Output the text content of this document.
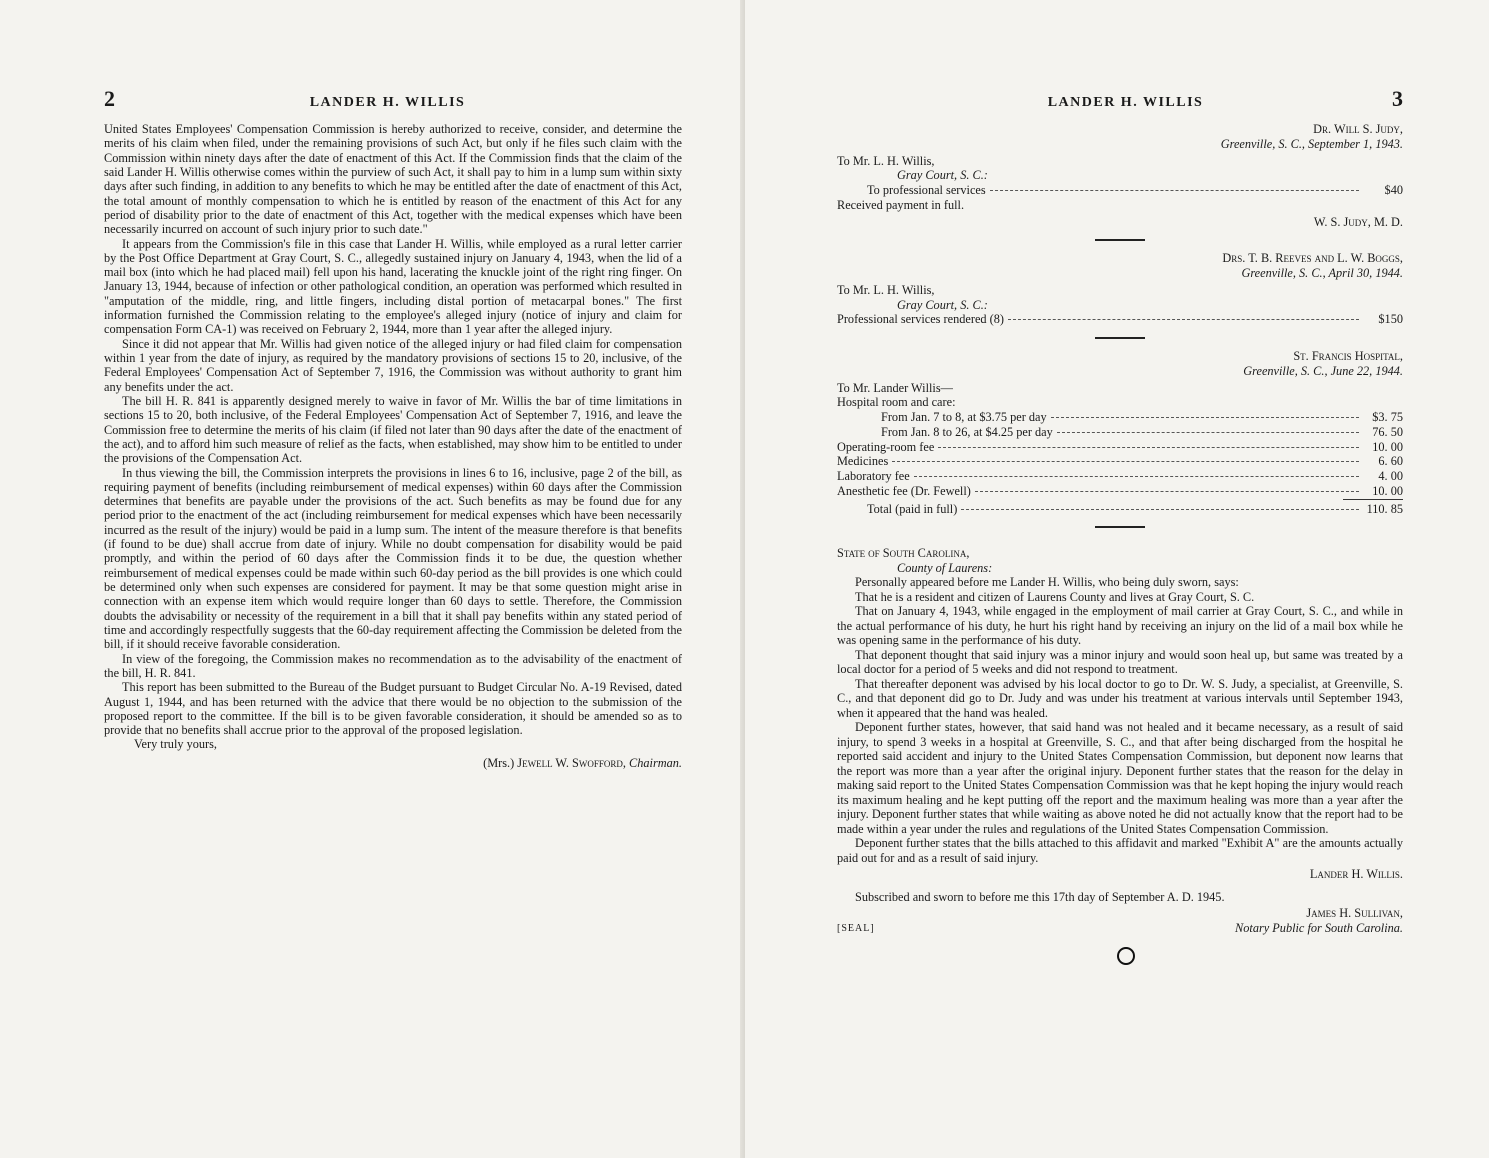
2	LANDER H. WILLIS

United States Employees' Compensation Commission is hereby authorized to receive, consider, and determine the merits of his claim when filed, under the remaining provisions of such Act, but only if he files such claim with the Commission within ninety days after the date of enactment of this Act. If the Commission finds that the claim of the said Lander H. Willis otherwise comes within the purview of such Act, it shall pay to him in a lump sum within sixty days after such finding, in addition to any benefits to which he may be entitled after the date of enactment of this Act, the total amount of monthly compensation to which he is entitled by reason of the enactment of this Act for any period of disability prior to the date of enactment of this Act, together with the medical expenses which have been necessarily incurred on account of such injury prior to such date."

It appears from the Commission's file in this case that Lander H. Willis, while employed as a rural letter carrier by the Post Office Department at Gray Court, S. C., allegedly sustained injury on January 4, 1943, when the lid of a mail box (into which he had placed mail) fell upon his hand, lacerating the knuckle joint of the right ring finger. On January 13, 1944, because of infection or other pathological condition, an operation was performed which resulted in "amputation of the middle, ring, and little fingers, including distal portion of metacarpal bones." The first information furnished the Commission relating to the employee's alleged injury (notice of injury and claim for compensation Form CA-1) was received on February 2, 1944, more than 1 year after the alleged injury.

Since it did not appear that Mr. Willis had given notice of the alleged injury or had filed claim for compensation within 1 year from the date of injury, as required by the mandatory provisions of sections 15 to 20, inclusive, of the Federal Employees' Compensation Act of September 7, 1916, the Commission was without authority to grant him any benefits under the act.

The bill H. R. 841 is apparently designed merely to waive in favor of Mr. Willis the bar of time limitations in sections 15 to 20, both inclusive, of the Federal Employees' Compensation Act of September 7, 1916, and leave the Commission free to determine the merits of his claim (if filed not later than 90 days after the date of the enactment of the act), and to afford him such measure of relief as the facts, when established, may show him to be entitled to under the provisions of the Compensation Act.

In thus viewing the bill, the Commission interprets the provisions in lines 6 to 16, inclusive, page 2 of the bill, as requiring payment of benefits (including reimbursement of medical expenses) within 60 days after the Commission determines that benefits are payable under the provisions of the act. Such benefits as may be found due for any period prior to the enactment of the act (including reimbursement for medical expenses which have been necessarily incurred as the result of the injury) would be paid in a lump sum. The intent of the measure therefore is that benefits (if found to be due) shall accrue from date of injury. While no doubt compensation for disability would be paid promptly, and within the period of 60 days after the Commission finds it to be due, the question whether reimbursement of medical expenses could be made within such 60-day period as the bill provides is one which could be determined only when such expenses are considered for payment. It may be that some question might arise in connection with an expense item which would require longer than 60 days to settle. Therefore, the Commission doubts the advisability or necessity of the requirement in a bill that it shall pay benefits within any stated period of time and accordingly respectfully suggests that the 60-day requirement affecting the Commission be deleted from the bill, if it should receive favorable consideration.

In view of the foregoing, the Commission makes no recommendation as to the advisability of the enactment of the bill, H. R. 841.

This report has been submitted to the Bureau of the Budget pursuant to Budget Circular No. A-19 Revised, dated August 1, 1944, and has been returned with the advice that there would be no objection to the submission of the proposed report to the committee. If the bill is to be given favorable consideration, it should be amended so as to provide that no benefits shall accrue prior to the approval of the proposed legislation.

Very truly yours,
(Mrs.) Jewell W. Swofford, Chairman.
LANDER H. WILLIS	3
Dr. Will S. Judy,
Greenville, S. C., September 1, 1943.
To Mr. L. H. Willis,
Gray Court, S. C.:
To professional services	$40
Received payment in full.
W. S. Judy, M. D.
Drs. T. B. Reeves and L. W. Boggs,
Greenville, S. C., April 30, 1944.
To Mr. L. H. Willis,
Gray Court, S. C.:
Professional services rendered (8)	$150
St. Francis Hospital,
Greenville, S. C., June 22, 1944.
To Mr. Lander Willis—
Hospital room and care:
From Jan. 7 to 8, at $3.75 per day	$3. 75
From Jan. 8 to 26, at $4.25 per day	76. 50
Operating-room fee	10. 00
Medicines	6. 60
Laboratory fee	4. 00
Anesthetic fee (Dr. Fewell)	10. 00
Total (paid in full)	110. 85
State of South Carolina,
County of Laurens:

Personally appeared before me Lander H. Willis, who being duly sworn, says:

That he is a resident and citizen of Laurens County and lives at Gray Court, S. C.

That on January 4, 1943, while engaged in the employment of mail carrier at Gray Court, S. C., and while in the actual performance of his duty, he hurt his right hand by receiving an injury on the lid of a mail box while he was opening same in the performance of his duty.

That deponent thought that said injury was a minor injury and would soon heal up, but same was treated by a local doctor for a period of 5 weeks and did not respond to treatment.

That thereafter deponent was advised by his local doctor to go to Dr. W. S. Judy, a specialist, at Greenville, S. C., and that deponent did go to Dr. Judy and was under his treatment at various intervals until September 1943, when it appeared that the hand was healed.

Deponent further states, however, that said hand was not healed and it became necessary, as a result of said injury, to spend 3 weeks in a hospital at Greenville, S. C., and that after being discharged from the hospital he reported said accident and injury to the United States Compensation Commission, but deponent now learns that the report was more than a year after the original injury. Deponent further states that the reason for the delay in making said report to the United States Compensation Commission was that he kept hoping the injury would reach its maximum healing and he kept putting off the report and the maximum healing was more than a year after the injury. Deponent further states that while waiting as above noted he did not actually know that the report had to be made within a year under the rules and regulations of the United States Compensation Commission.

Deponent further states that the bills attached to this affidavit and marked "Exhibit A" are the amounts actually paid out for and as a result of said injury.

Lander H. Willis.
Subscribed and sworn to before me this 17th day of September A. D. 1945.
[SEAL]
James H. Sullivan,
Notary Public for South Carolina.
